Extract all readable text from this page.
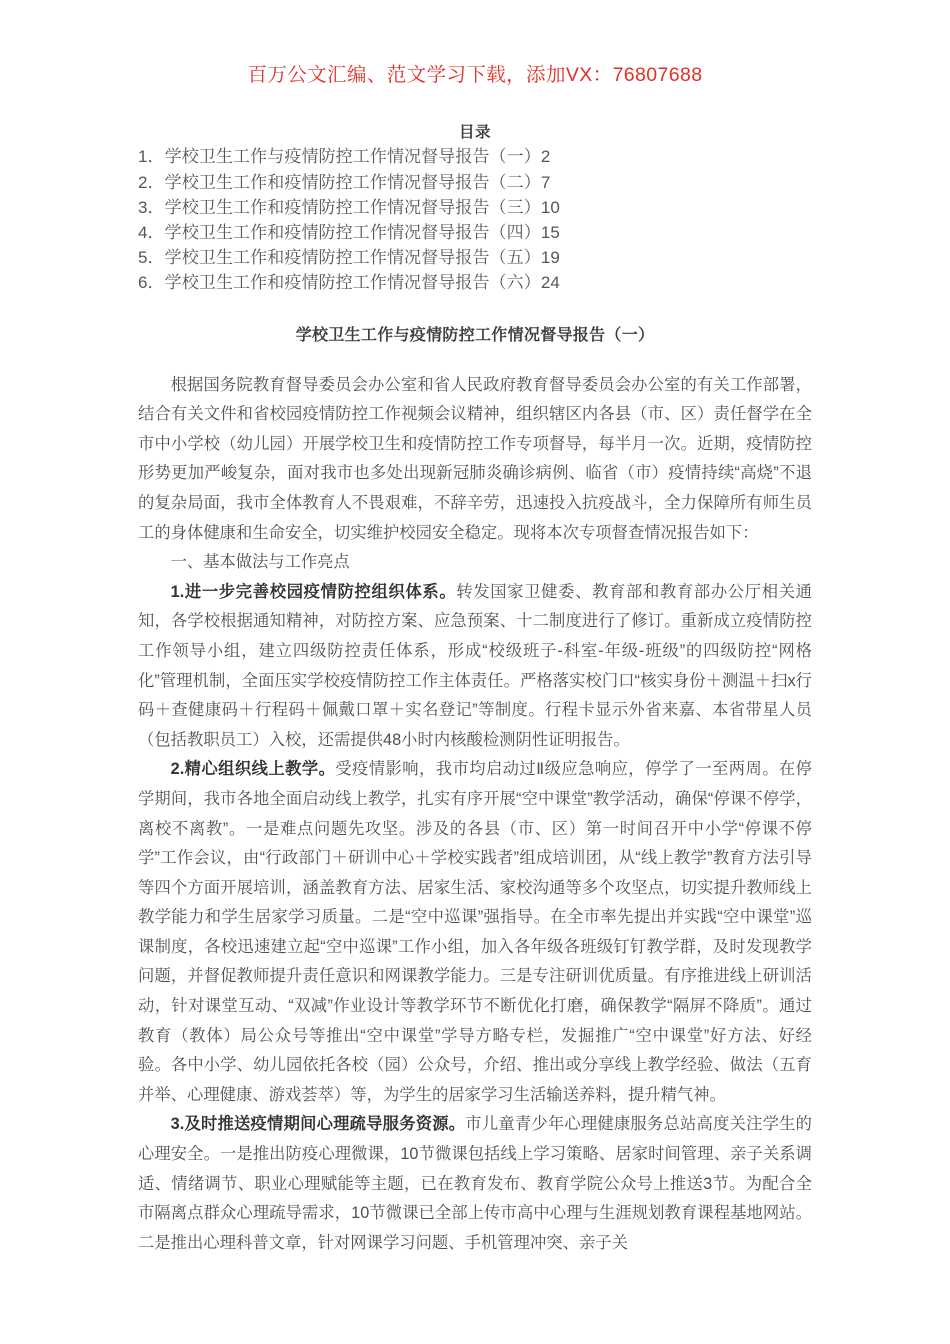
百万公文汇编、范文学习下载，添加VX：76807688
目录
1．学校卫生工作与疫情防控工作情况督导报告（一）2
2．学校卫生工作和疫情防控工作情况督导报告（二）7
3．学校卫生工作和疫情防控工作情况督导报告（三）10
4．学校卫生工作和疫情防控工作情况督导报告（四）15
5．学校卫生工作和疫情防控工作情况督导报告（五）19
6．学校卫生工作和疫情防控工作情况督导报告（六）24
学校卫生工作与疫情防控工作情况督导报告（一）

根据国务院教育督导委员会办公室和省人民政府教育督导委员会办公室的有关工作部署，结合有关文件和省校园疫情防控工作视频会议精神，组织辖区内各县（市、区）责任督学在全市中小学校（幼儿园）开展学校卫生和疫情防控工作专项督导，每半月一次。近期，疫情防控形势更加严峻复杂，面对我市也多处出现新冠肺炎确诊病例、临省（市）疫情持续“高烧”不退的复杂局面，我市全体教育人不畏艰难，不辞辛劳，迅速投入抗疫战斗，全力保障所有师生员工的身体健康和生命安全，切实维护校园安全稳定。现将本次专项督查情况报告如下：

一、基本做法与工作亮点

1.进一步完善校园疫情防控组织体系。转发国家卫健委、教育部和教育部办公厅相关通知，各学校根据通知精神，对防控方案、应急预案、十二制度进行了修订。重新成立疫情防控工作领导小组，建立四级防控责任体系，形成“校级班子-科室-年级-班级”的四级防控“网格化”管理机制，全面压实学校疫情防控工作主体责任。严格落实校门口“核实身份＋测温＋扫x行码＋查健康码＋行程码＋佩戴口罩＋实名登记”等制度。行程卡显示外省来嘉、本省带星人员（包括教职员工）入校，还需提供48小时内核酸检测阴性证明报告。

2.精心组织线上教学。受疫情影响，我市均启动过Ⅱ级应急响应，停学了一至两周。在停学期间，我市各地全面启动线上教学，扎实有序开展“空中课堂”教学活动，确保“停课不停学，离校不离教”。一是难点问题先攻坚。涉及的各县（市、区）第一时间召开中小学“停课不停学”工作会议，由“行政部门＋研训中心＋学校实践者”组成培训团，从“线上教学”教育方法引导等四个方面开展培训，涵盖教育方法、居家生活、家校沟通等多个攻坚点，切实提升教师线上教学能力和学生居家学习质量。二是“空中巡课”强指导。在全市率先提出并实践“空中课堂”巡课制度，各校迅速建立起“空中巡课”工作小组，加入各年级各班级钉钉教学群，及时发现教学问题，并督促教师提升责任意识和网课教学能力。三是专注研训优质量。有序推进线上研训活动，针对课堂互动、“双减”作业设计等教学环节不断优化打磨，确保教学“隔屏不降质”。通过教育（教体）局公众号等推出“空中课堂”学导方略专栏，发掘推广“空中课堂”好方法、好经验。各中小学、幼儿园依托各校（园）公众号，介绍、推出或分享线上教学经验、做法（五育并举、心理健康、游戏荟萃）等，为学生的居家学习生活输送养料，提升精气神。

3.及时推送疫情期间心理疏导服务资源。市儿童青少年心理健康服务总站高度关注学生的心理安全。一是推出防疫心理微课，10节微课包括线上学习策略、居家时间管理、亲子关系调适、情绪调节、职业心理赋能等主题，已在教育发布、教育学院公众号上推送3节。为配合全市隔离点群众心理疏导需求，10节微课已全部上传市高中心理与生涯规划教育课程基地网站。二是推出心理科普文章，针对网课学习问题、手机管理冲突、亲子关
